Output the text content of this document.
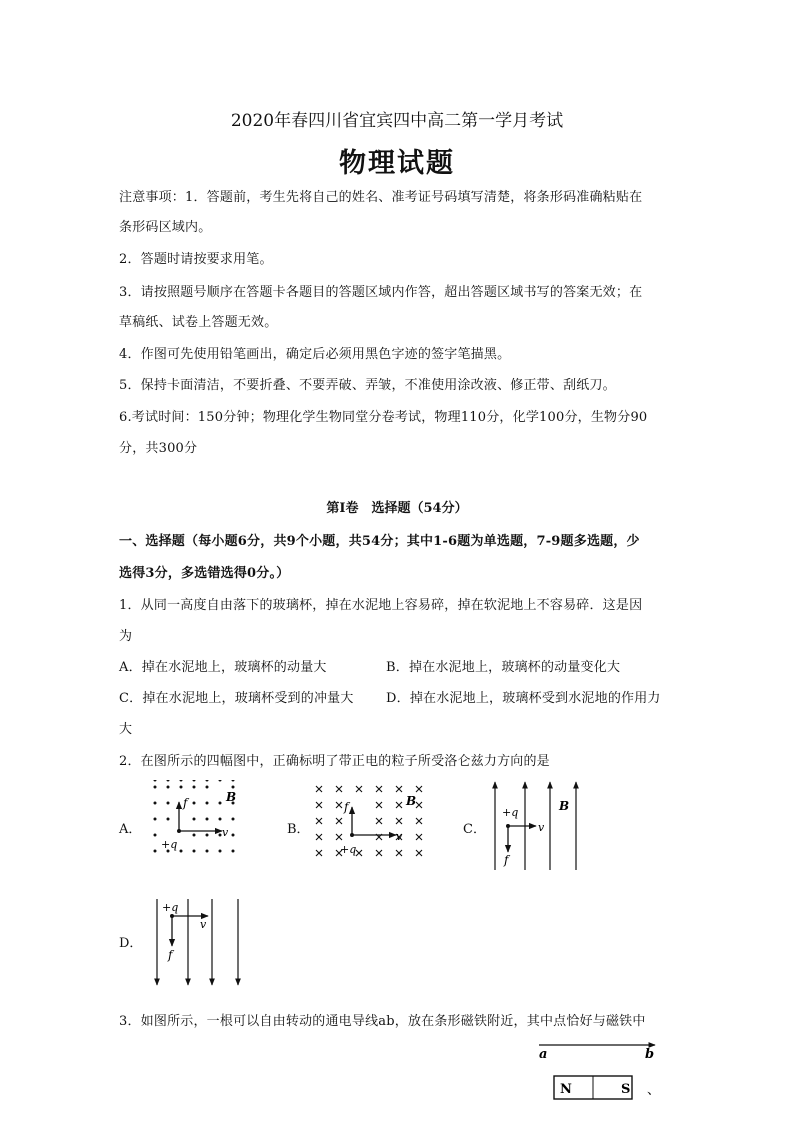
2020年春四川省宜宾四中高二第一学月考试
物理试题
注意事项：1．答题前，考生先将自己的姓名、准考证号码填写清楚，将条形码准确粘贴在
条形码区域内。
2．答题时请按要求用笔。
3．请按照题号顺序在答题卡各题目的答题区域内作答，超出答题区域书写的答案无效；在
草稿纸、试卷上答题无效。
4．作图可先使用铅笔画出，确定后必须用黑色字迹的签字笔描黑。
5．保持卡面清洁，不要折叠、不要弄破、弄皱，不准使用涂改液、修正带、刮纸刀。
6.考试时间：150分钟；物理化学生物同堂分卷考试，物理110分，化学100分，生物分90
分，共300分
第Ⅰ卷　选择题（54分）
一、选择题（每小题6分，共9个小题，共54分；其中1-6题为单选题，7-9题多选题，少
选得3分，多选错选得0分。）
1．从同一高度自由落下的玻璃杯，掉在水泥地上容易碎，掉在软泥地上不容易碎．这是因
为
A．掉在水泥地上，玻璃杯的动量大	B．掉在水泥地上，玻璃杯的动量变化大
C．掉在水泥地上，玻璃杯受到的冲量大 D．掉在水泥地上，玻璃杯受到水泥地的作用力
大
2．在图所示的四幅图中，正确标明了带正电的粒子所受洛仑兹力方向的是
A．	B．	C．
D．
f	B
v
+q
f	B
v
+q
+q
v
f
B
+q
v
f
3．如图所示，一根可以自由转动的通电导线ab，放在条形磁铁附近，其中点恰好与磁铁中
a	b
N	S 、
